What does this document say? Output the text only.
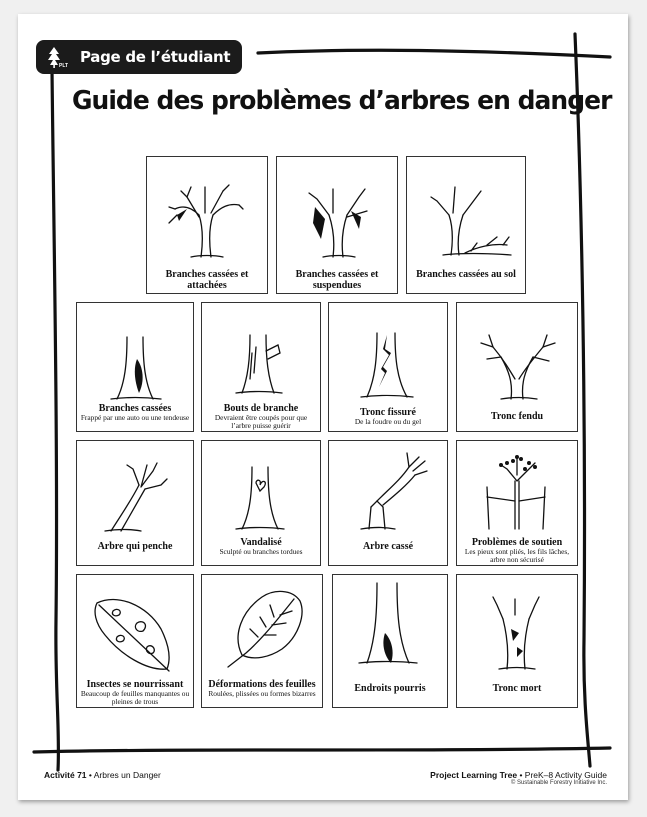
PLT Page de l’étudiant
Guide des problèmes d’arbres en danger
Branches cassées et attachées
Branches cassées et suspendues
Branches cassées au sol
Branches cassées
Frappé par une auto ou une tendeuse
Bouts de branche
Devraient être coupés pour que l’arbre puisse guérir
Tronc fissuré
De la foudre ou du gel	Tronc fendu
Arbre qui penche	Vandalisé
Sculpté ou branches tordues	Arbre cassé	Problèmes de soutien
Les pieux sont pliés, les fils lâches, arbre non sécurisé
Insectes se nourrissant
Beaucoup de feuilles manquantes ou pleines de trous
Déformations des feuilles
Roulées, plissées ou formes bizarres	Endroits pourris	Tronc mort
Activité 71 • Arbres un Danger	Project Learning Tree • PreK–8 Activity Guide
© Sustainable Forestry Initiative Inc.
